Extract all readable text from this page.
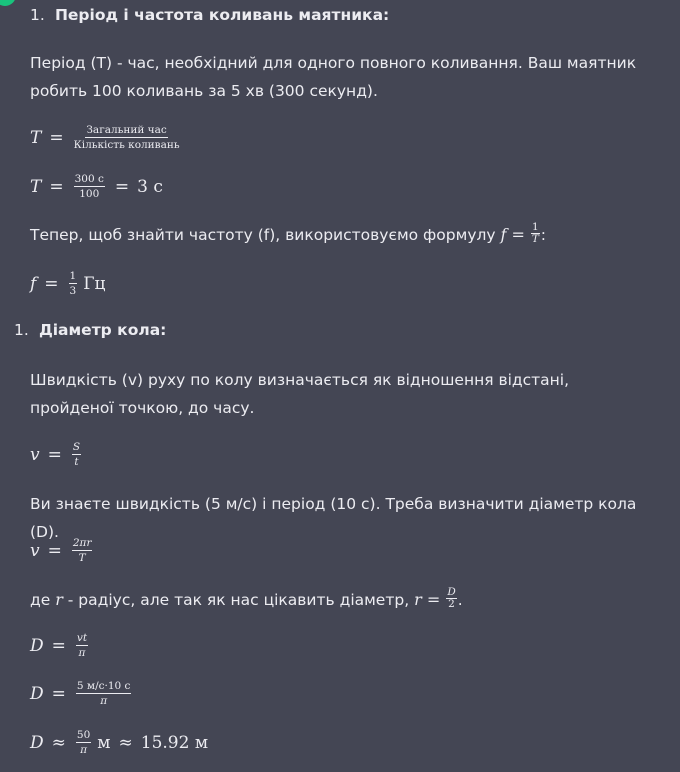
1. Період і частота коливань маятника:
Період (T) - час, необхідний для одного повного коливання. Ваш маятник робить 100 коливань за 5 хв (300 секунд).
$T = \frac{\text{Загальний час}}{\text{Кількість коливань}}$
$T = \frac{300 с}{100} = 3$ с
Тепер, щоб знайти частоту (f), використовуємо формулу $f = \frac{1}{T}$ :
$f = \frac{1}{3}$ Гц
1. Діаметр кола:
Швидкість (v) руху по колу визначається як відношення відстані, пройденої точкою, до часу.
$v = \frac{S}{t}$
Ви знаєте швидкість (5 м/с) і період (10 с). Треба визначити діаметр кола (D).
$v = \frac{2\pi r}{T}$
де r - радіус, але так як нас цікавить діаметр, $r = \frac{D}{2}$ .
$D = \frac{vt}{\pi}$
$D = \frac{5 м/с\cdot 10 с}{\pi}$
$D \approx \frac{50}{\pi}$ м ≈ 15.92 м
